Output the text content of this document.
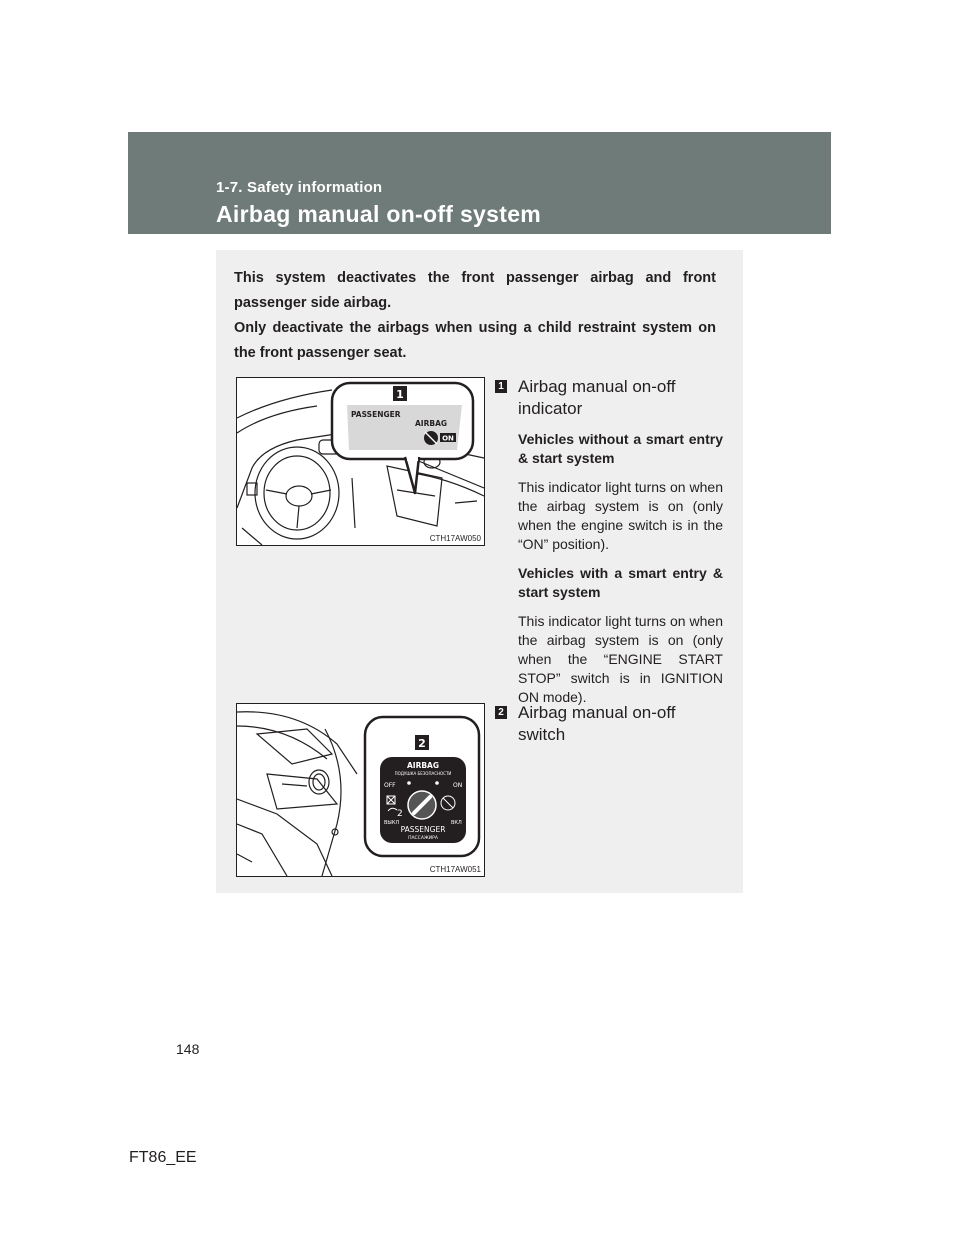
1-7. Safety information
Airbag manual on-off system

This system deactivates the front passenger airbag and front passenger side airbag.

Only deactivate the airbags when using a child restraint system on the front passenger seat.

1
PASSENGER
AIRBAG
ON
CTH17AW050
2
AIRBAG
ПОДУШКА БЕЗОПАСНОСТИ
OFF	ON
2
ВЫКЛ	ВКЛ
PASSENGER
ПАССАЖИРА
CTH17AW051
1 Airbag manual on-off indicator
Vehicles without a smart entry & start system
This indicator light turns on when the airbag system is on (only when the engine switch is in the “ON” position).
Vehicles with a smart entry & start system
This indicator light turns on when the airbag system is on (only when the “ENGINE START STOP” switch is in IGNITION ON mode).
2 Airbag manual on-off switch
148
FT86_EE
